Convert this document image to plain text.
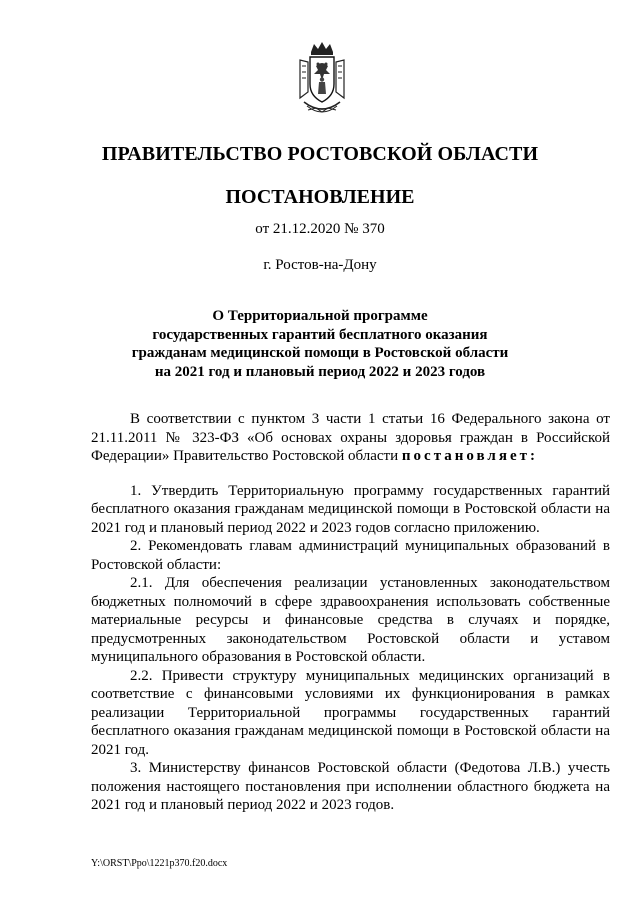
ПРАВИТЕЛЬСТВО РОСТОВСКОЙ ОБЛАСТИ
ПОСТАНОВЛЕНИЕ
от 21.12.2020 № 370
г. Ростов-на-Дону
О Территориальной программе
государственных гарантий бесплатного оказания
гражданам медицинской помощи в Ростовской области
на 2021 год и плановый период 2022 и 2023 годов

В соответствии с пунктом 3 части 1 статьи 16 Федерального закона от 21.11.2011 № 323-ФЗ «Об основах охраны здоровья граждан в Российской Федерации» Правительство Ростовской области постановляет:

1. Утвердить Территориальную программу государственных гарантий бесплатного оказания гражданам медицинской помощи в Ростовской области на 2021 год и плановый период 2022 и 2023 годов согласно приложению.

2. Рекомендовать главам администраций муниципальных образований в Ростовской области:

2.1. Для обеспечения реализации установленных законодательством бюджетных полномочий в сфере здравоохранения использовать собственные материальные ресурсы и финансовые средства в случаях и порядке, предусмотренных законодательством Ростовской области и уставом муниципального образования в Ростовской области.

2.2. Привести структуру муниципальных медицинских организаций в соответствие с финансовыми условиями их функционирования в рамках реализации Территориальной программы государственных гарантий бесплатного оказания гражданам медицинской помощи в Ростовской области на 2021 год.

3. Министерству финансов Ростовской области (Федотова Л.В.) учесть положения настоящего постановления при исполнении областного бюджета на 2021 год и плановый период 2022 и 2023 годов.

Y:\ORST\Ppo\1221p370.f20.docx
